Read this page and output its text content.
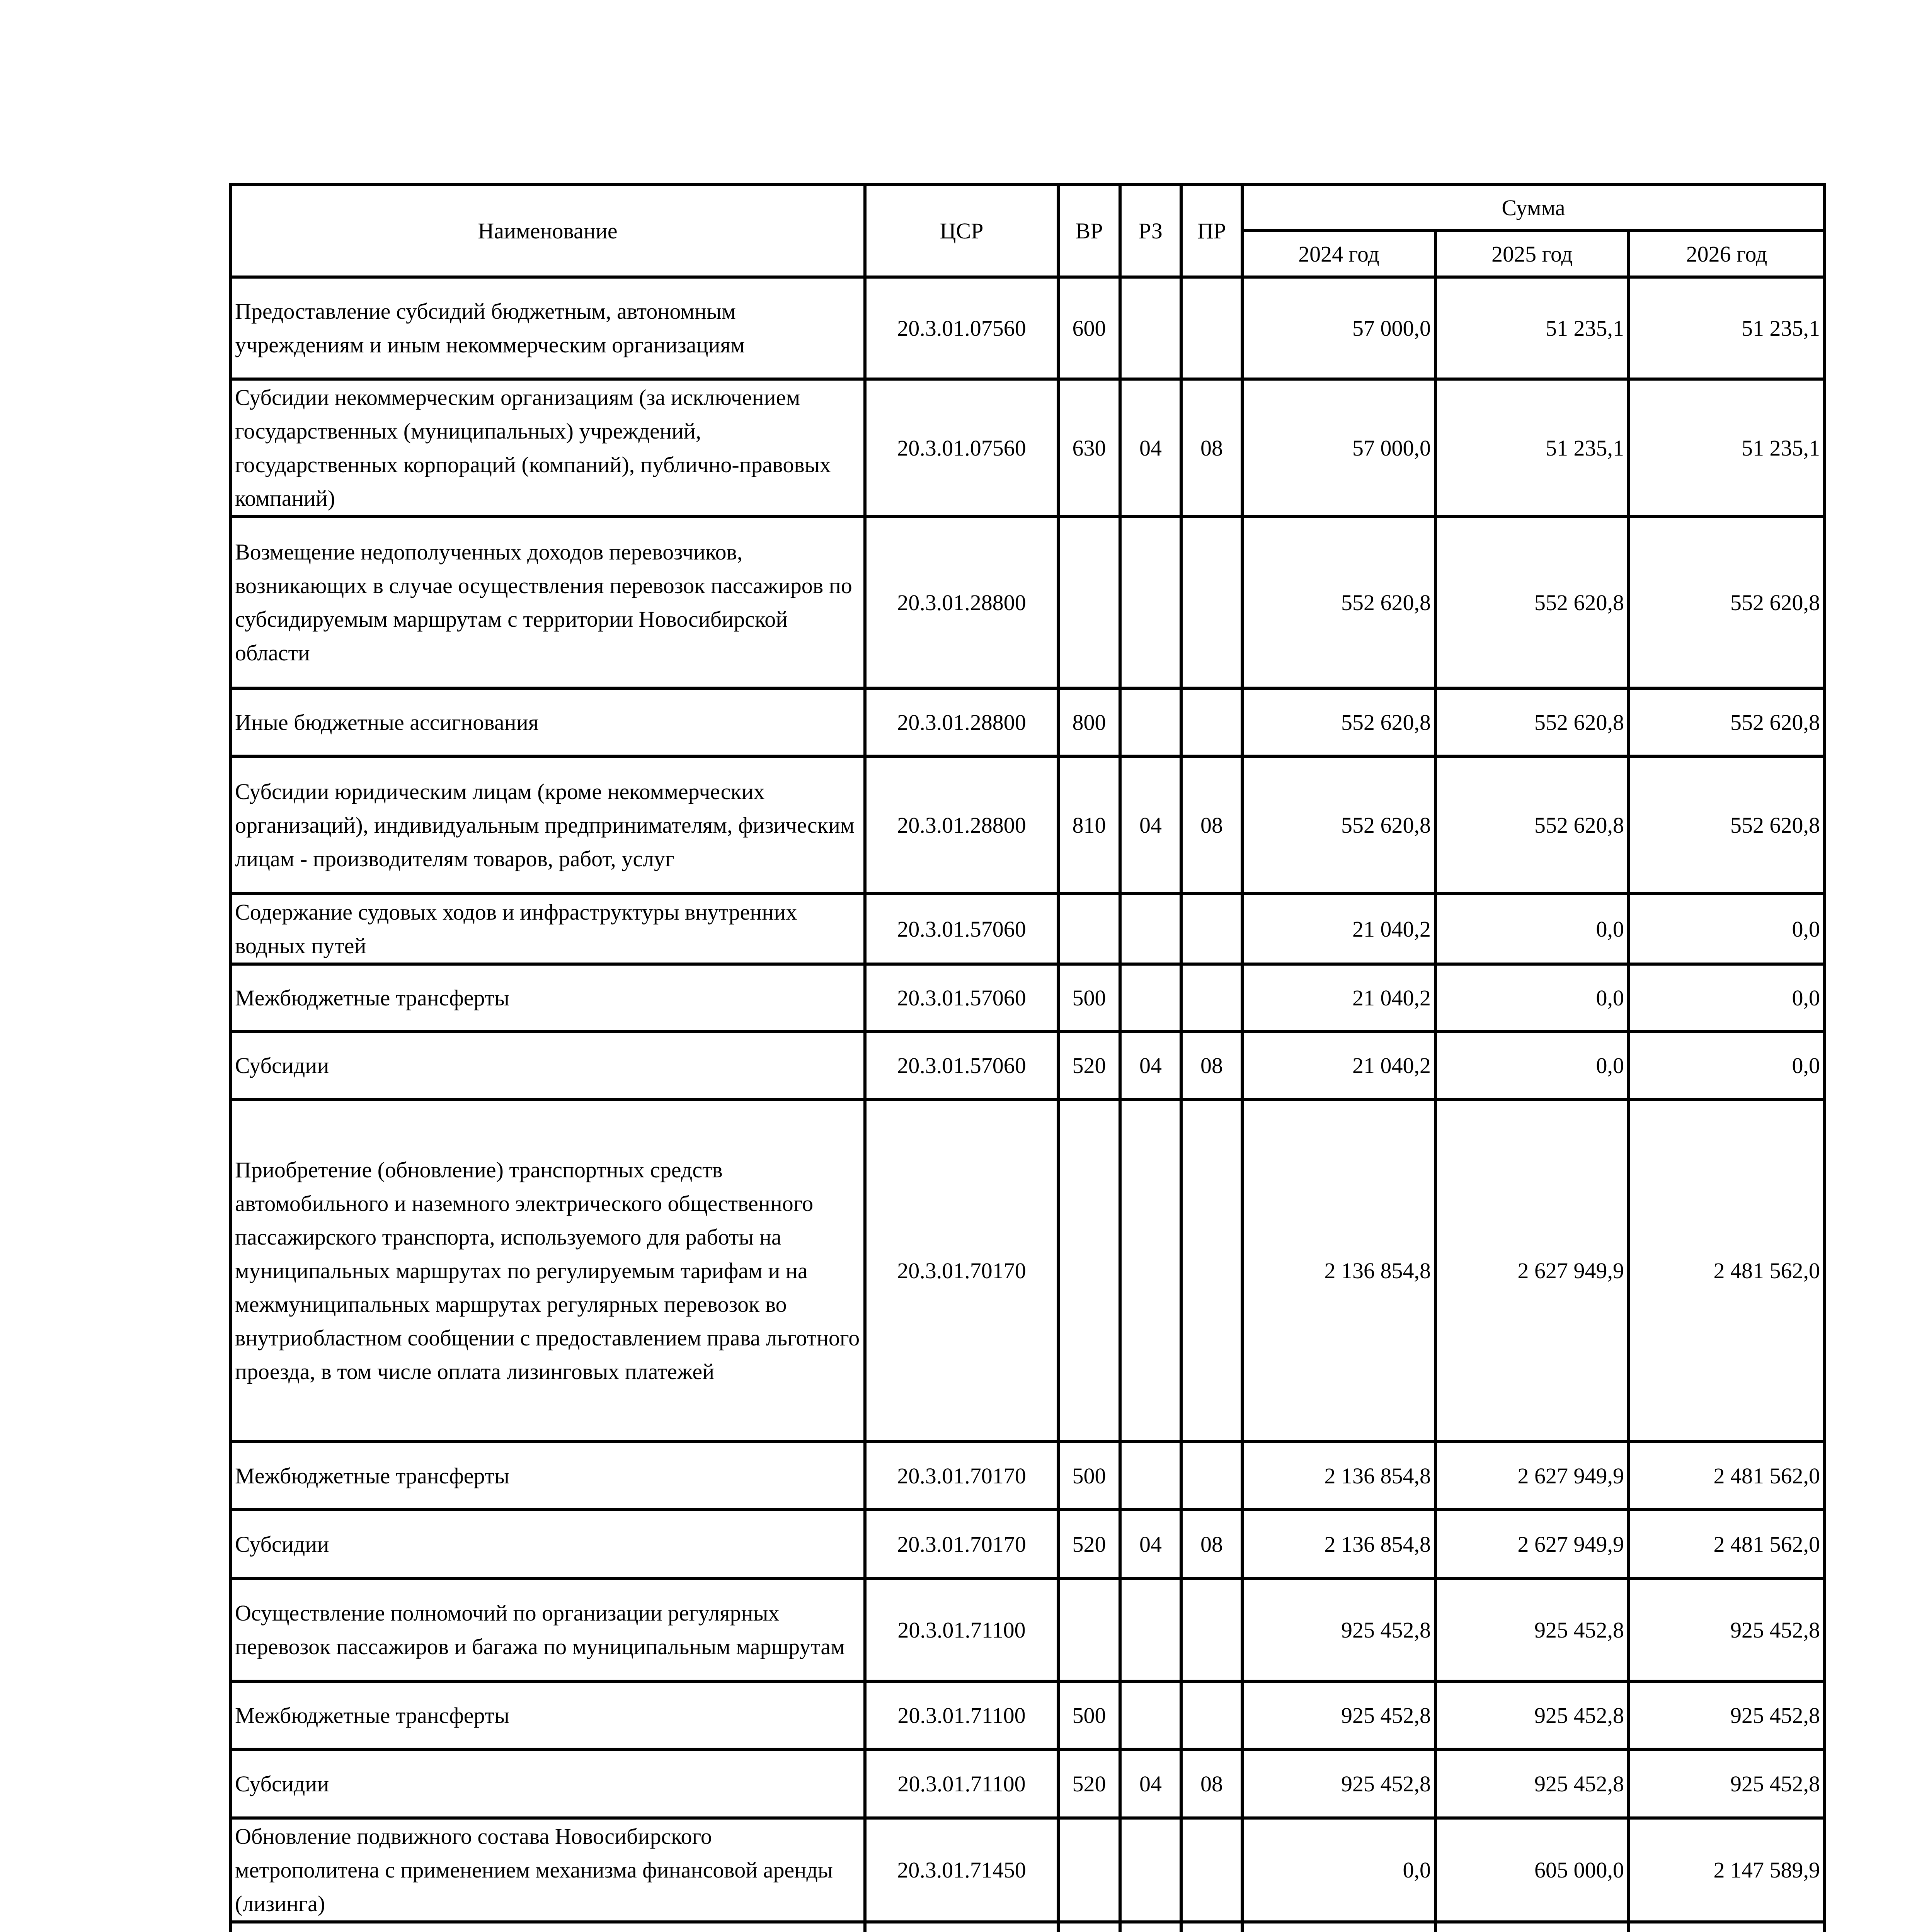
Наименование	ЦСР	ВР	РЗ	ПР	Сумма		
					2024 год	2025 год	2026 год
Предоставление субсидий бюджетным, автономным учреждениям и иным некоммерческим организациям	20.3.01.07560	600			57 000,0	51 235,1	51 235,1
Субсидии некоммерческим организациям (за исключением государственных (муниципальных) учреждений, государственных корпораций (компаний), публично-правовых компаний)	20.3.01.07560	630	04	08	57 000,0	51 235,1	51 235,1
Возмещение недополученных доходов перевозчиков, возникающих в случае осуществления перевозок пассажиров по субсидируемым маршрутам с территории Новосибирской области	20.3.01.28800				552 620,8	552 620,8	552 620,8
Иные бюджетные ассигнования	20.3.01.28800	800			552 620,8	552 620,8	552 620,8
Субсидии юридическим лицам (кроме некоммерческих организаций), индивидуальным предпринимателям, физическим лицам - производителям товаров, работ, услуг	20.3.01.28800	810	04	08	552 620,8	552 620,8	552 620,8
Содержание судовых ходов и инфраструктуры внутренних водных путей	20.3.01.57060				21 040,2	0,0	0,0
Межбюджетные трансферты	20.3.01.57060	500			21 040,2	0,0	0,0
Субсидии	20.3.01.57060	520	04	08	21 040,2	0,0	0,0
Приобретение (обновление) транспортных средств автомобильного и наземного электрического общественного пассажирского транспорта, используемого для работы на муниципальных маршрутах по регулируемым тарифам и на межмуниципальных маршрутах регулярных перевозок во внутриобластном сообщении с предоставлением права льготного проезда, в том числе оплата лизинговых платежей	20.3.01.70170				2 136 854,8	2 627 949,9	2 481 562,0
Межбюджетные трансферты	20.3.01.70170	500			2 136 854,8	2 627 949,9	2 481 562,0
Субсидии	20.3.01.70170	520	04	08	2 136 854,8	2 627 949,9	2 481 562,0
Осуществление полномочий по организации регулярных перевозок пассажиров и багажа по муниципальным маршрутам	20.3.01.71100				925 452,8	925 452,8	925 452,8
Межбюджетные трансферты	20.3.01.71100	500			925 452,8	925 452,8	925 452,8
Субсидии	20.3.01.71100	520	04	08	925 452,8	925 452,8	925 452,8
Обновление подвижного состава Новосибирского метрополитена с применением механизма финансовой аренды (лизинга)	20.3.01.71450				0,0	605 000,0	2 147 589,9
